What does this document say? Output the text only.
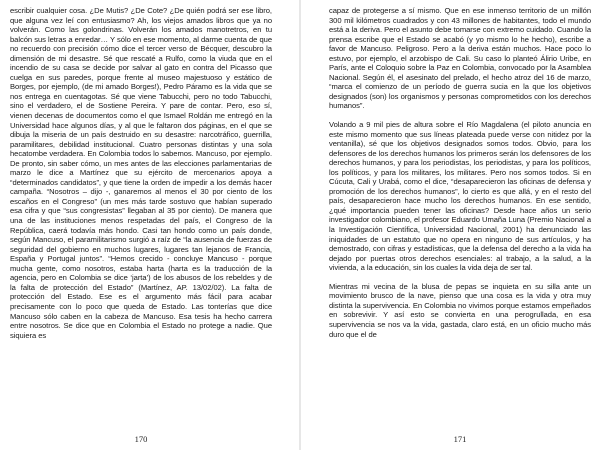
escribir cualquier cosa. ¿De Mutis? ¿De Cote? ¿De quién podrá ser ese libro, que alguna vez leí con entusiasmo? Ah, los viejos amados libros que ya no volverán. Como las golondrinas. Volverán los amados manotretros, en tu balcón sus letras a enredar… Y sólo en ese momento, al darme cuenta de que no recuerdo con precisión cómo dice el tercer verso de Bécquer, descubro la dimensión de mi desastre. Sé que rescaté a Rulfo, como la viuda que en el incendio de su casa se decide por salvar al gato en contra del Picasso que cuelga en sus paredes, porque frente al museo majestuoso y estático de Borges, por ejemplo, (de mi amado Borges!), Pedro Páramo es la vida que se nos entrega en cuentagotas. Sé que viene Tabucchi, pero no todo Tabucchi, sino el verdadero, el de Sostiene Pereira. Y pare de contar. Pero, eso sí, vienen decenas de documentos como el que Ismael Roldán me entregó en la Universidad hace algunos días, y al que le faltaron dos páginas, en el que se dibuja la miseria de un país destruido en su desastre: narcotráfico, guerrilla, paramilitares, debilidad institucional. Cuatro personas distintas y una sola hecatombe verdadera. En Colombia todos lo sabemos. Mancuso, por ejemplo. De pronto, sin saber cómo, un mes antes de las elecciones parlamentarias de marzo le dice a Martínez que su ejército de mercenarios apoya a “determinados candidatos”, y que tiene la orden de impedir a los demás hacer campaña. “Nosotros – dijo -, ganaremos al menos el 30 por ciento de los escaños en el Congreso” (un mes más tarde sostuvo que habían superado esa cifra y que “sus congresistas” llegaban al 35 por ciento). De manera que una de las instituciones menos respetadas del país, el Congreso de la República, caerá todavía más hondo. Casi tan hondo como un país donde, según Mancuso, el paramilitarismo surgió a raíz de “la ausencia de fuerzas de seguridad del gobierno en muchos lugares, lugares tan lejanos de Francia, España y Portugal juntos”. “Hemos crecido - concluye Mancuso - porque mucha gente, como nosotros, estaba harta (harta es la traducción de la agencia, pero en Colombia se dice ‘jarta’) de los abusos de los rebeldes y de la falta de protección del Estado” (Martínez, AP. 13/02/02). La falta de protección del Estado. Ese es el argumento más fácil para acabar precisamente con lo poco que queda de Estado. Las tonterías que dice Mancuso sólo caben en la cabeza de Mancuso. Esa tesis ha hecho carrera entre nosotros. Se dice que en Colombia el Estado no protege a nadie. Que siquiera es

capaz de protegerse a sí mismo. Que en ese inmenso territorio de un millón 300 mil kilómetros cuadrados y con 43 millones de habitantes, todo el mundo está a la deriva. Pero el asunto debe tomarse con extremo cuidado. Cuando la prensa escribe que el Estado se acabó (y yo mismo lo he hecho), escribe a favor de Mancuso. Peligroso. Pero a la deriva están muchos. Hace poco lo estuvo, por ejemplo, el arzobispo de Cali. Su caso lo planteó Álirio Uribe, en París, ante el Coloquio sobre la Paz en Colombia, convocado por la Asamblea Nacional. Según él, el asesinato del prelado, el hecho atroz del 16 de marzo, “marca el comienzo de un período de guerra sucia en la que los objetivos designados (son) los organismos y personas comprometidos con los derechos humanos”.

Volando a 9 mil pies de altura sobre el Río Magdalena (el piloto anuncia en este mismo momento que sus líneas plateada puede verse con nitidez por la ventanilla), sé que los objetivos designados somos todos. Obvio, para los defensores de los derechos humanos los primeros serán los defensores de los derechos humanos, y para los periodistas, los periodistas, y para los políticos, los políticos, y para los militares, los militares. Pero nos somos todos. Si en Cúcuta, Cali y Urabá, como el dice, “desaparecieron las oficinas de defensa y promoción de los derechos humanos”, lo cierto es que allá, y en el resto del país, desaparecieron hace mucho los derechos humanos. En ese sentido, ¿qué importancia pueden tener las oficinas? Desde hace años un serio investigador colombiano, el profesor Eduardo Umaña Luna (Premio Nacional a la Investigación Científica, Universidad Nacional, 2001) ha denunciado las iniquidades de un estatuto que no opera en ninguno de sus artículos, y ha demostrado, con cifras y estadísticas, que la defensa del derecho a la vida ha dejado por puertas otros derechos esenciales: al trabajo, a la salud, a la vivienda, a la educación, sin los cuales la vida deja de ser tal.

Mientras mi vecina de la blusa de pepas se inquieta en su silla ante un movimiento brusco de la nave, pienso que una cosa es la vida y otra muy distinta la supervivencia. En Colombia no vivimos porque estamos empeñados en sobrevivir. Y así esto se convierta en una perogrullada, en esa supervivencia se nos va la vida, gastada, claro está, en un oficio mucho más duro que el de

170	171
